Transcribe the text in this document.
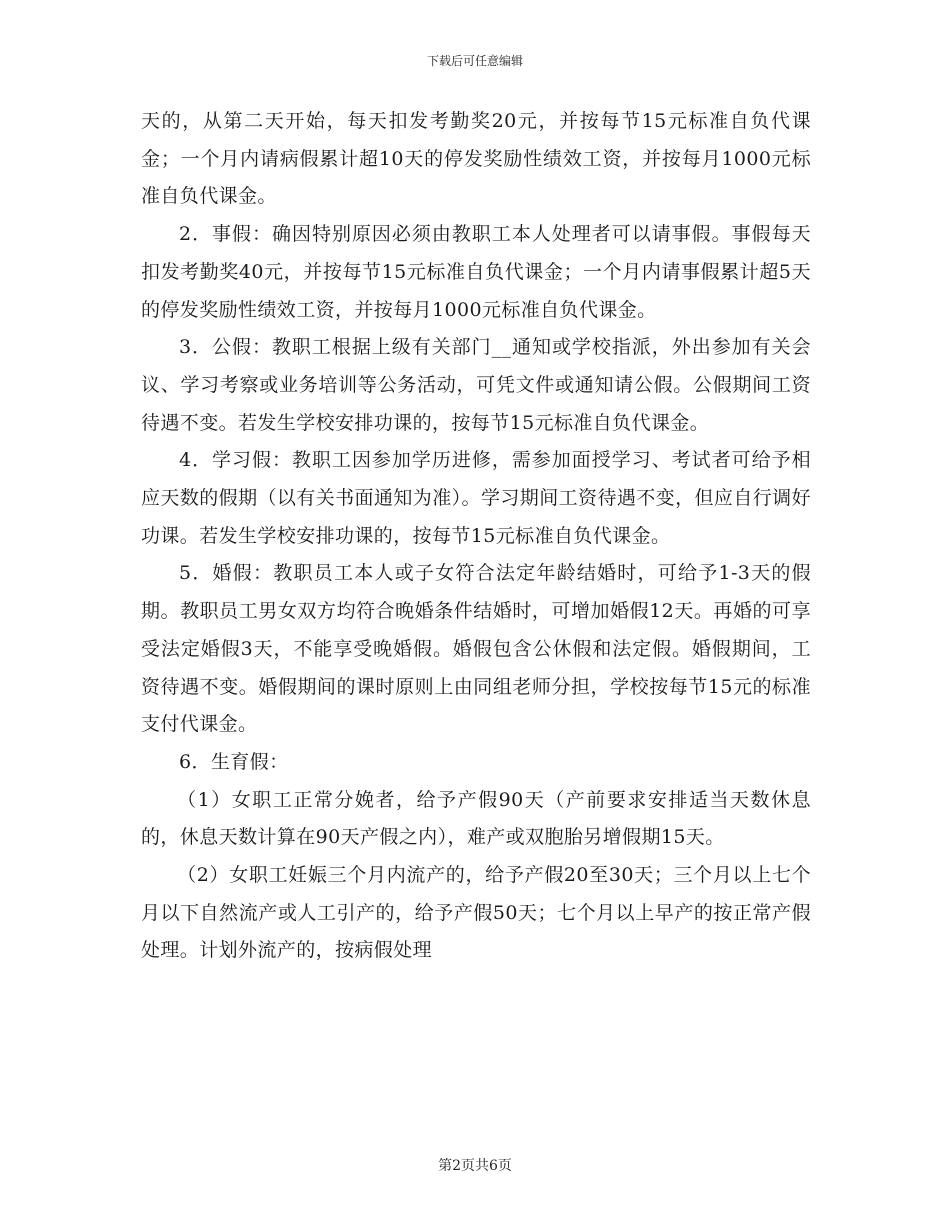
下载后可任意编辑

天的，从第二天开始，每天扣发考勤奖20元，并按每节15元标准自负代课金；一个月内请病假累计超10天的停发奖励性绩效工资，并按每月1000元标准自负代课金。

2．事假：确因特别原因必须由教职工本人处理者可以请事假。事假每天扣发考勤奖40元，并按每节15元标准自负代课金；一个月内请事假累计超5天的停发奖励性绩效工资，并按每月1000元标准自负代课金。

3．公假：教职工根据上级有关部门__通知或学校指派，外出参加有关会议、学习考察或业务培训等公务活动，可凭文件或通知请公假。公假期间工资待遇不变。若发生学校安排功课的，按每节15元标准自负代课金。

4．学习假：教职工因参加学历进修，需参加面授学习、考试者可给予相应天数的假期（以有关书面通知为准）。学习期间工资待遇不变，但应自行调好功课。若发生学校安排功课的，按每节15元标准自负代课金。

5．婚假：教职员工本人或子女符合法定年龄结婚时，可给予1-3天的假期。教职员工男女双方均符合晚婚条件结婚时，可增加婚假12天。再婚的可享受法定婚假3天，不能享受晚婚假。婚假包含公休假和法定假。婚假期间，工资待遇不变。婚假期间的课时原则上由同组老师分担，学校按每节15元的标准支付代课金。

6．生育假：

（1）女职工正常分娩者，给予产假90天（产前要求安排适当天数休息的，休息天数计算在90天产假之内），难产或双胞胎另增假期15天。

（2）女职工妊娠三个月内流产的，给予产假20至30天；三个月以上七个月以下自然流产或人工引产的，给予产假50天；七个月以上早产的按正常产假处理。计划外流产的，按病假处理

第2页共6页
